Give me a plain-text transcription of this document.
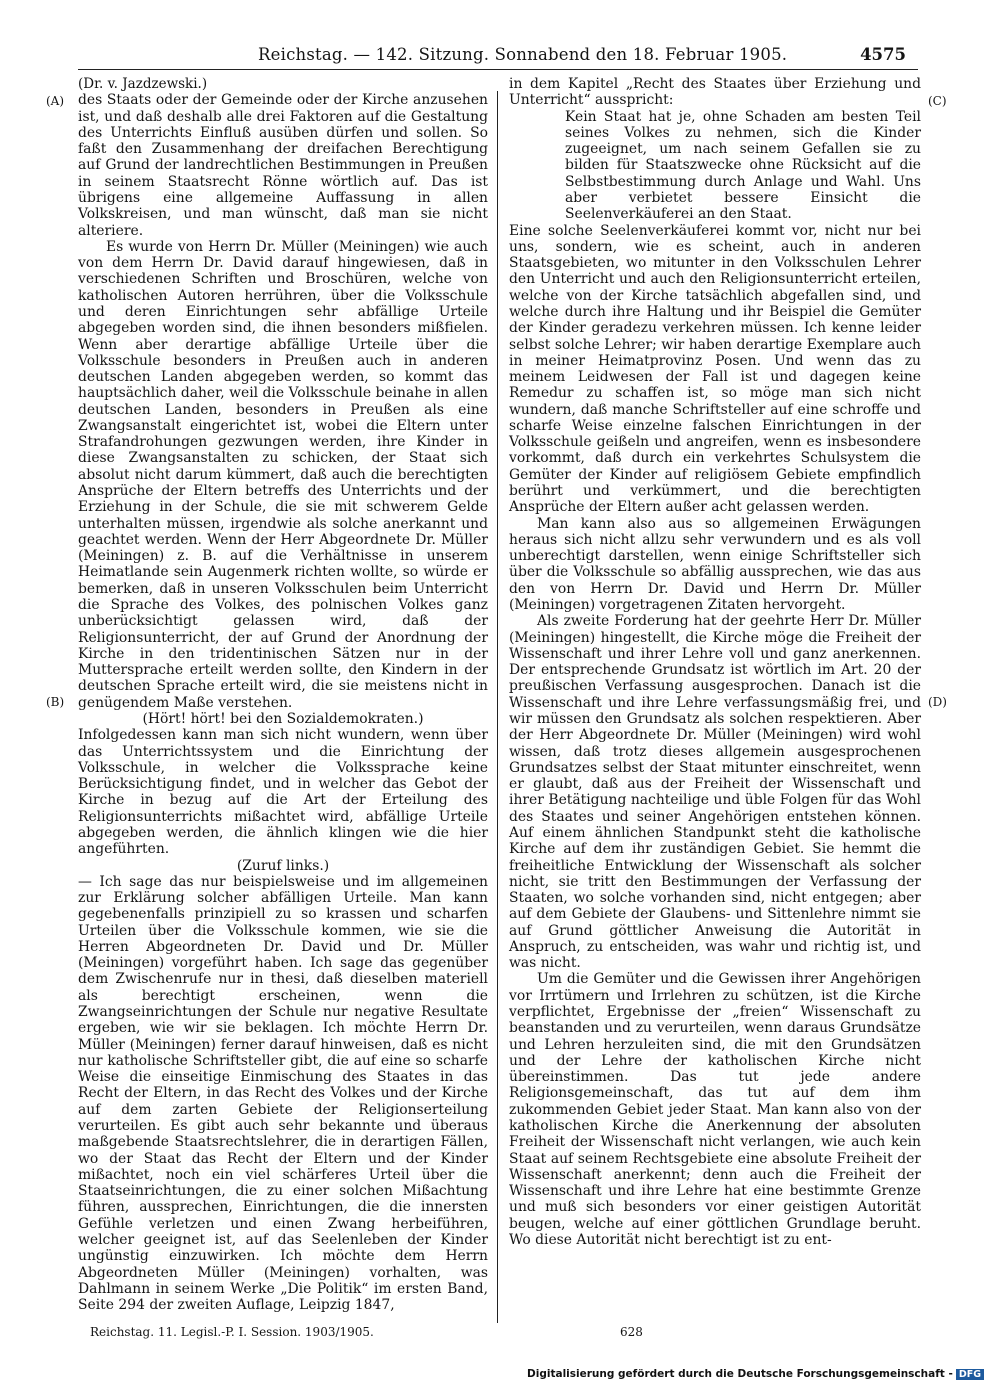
Reichstag. — 142. Sitzung. Sonnabend den 18. Februar 1905.	4575
(A)
(B)
(C)
(D)

(Dr. v. Jazdzewski.)

des Staats oder der Gemeinde oder der Kirche anzusehen ist, und daß deshalb alle drei Faktoren auf die Gestaltung des Unterrichts Einfluß ausüben dürfen und sollen. So faßt den Zusammenhang der dreifachen Berechtigung auf Grund der landrechtlichen Bestimmungen in Preußen in seinem Staatsrecht Rönne wörtlich auf. Das ist übrigens eine allgemeine Auffassung in allen Volkskreisen, und man wünscht, daß man sie nicht alteriere.

Es wurde von Herrn Dr. Müller (Meiningen) wie auch von dem Herrn Dr. David darauf hingewiesen, daß in verschiedenen Schriften und Broschüren, welche von katholischen Autoren herrühren, über die Volksschule und deren Einrichtungen sehr abfällige Urteile abgegeben worden sind, die ihnen besonders mißfielen. Wenn aber derartige abfällige Urteile über die Volksschule besonders in Preußen auch in anderen deutschen Landen abgegeben werden, so kommt das hauptsächlich daher, weil die Volksschule beinahe in allen deutschen Landen, besonders in Preußen als eine Zwangsanstalt eingerichtet ist, wobei die Eltern unter Strafandrohungen gezwungen werden, ihre Kinder in diese Zwangsanstalten zu schicken, der Staat sich absolut nicht darum kümmert, daß auch die berechtigten Ansprüche der Eltern betreffs des Unterrichts und der Erziehung in der Schule, die sie mit schwerem Gelde unterhalten müssen, irgendwie als solche anerkannt und geachtet werden. Wenn der Herr Abgeordnete Dr. Müller (Meiningen) z. B. auf die Verhältnisse in unserem Heimatlande sein Augenmerk richten wollte, so würde er bemerken, daß in unseren Volksschulen beim Unterricht die Sprache des Volkes, des polnischen Volkes ganz unberücksichtigt gelassen wird, daß der Religionsunterricht, der auf Grund der Anordnung der Kirche in den tridentinischen Sätzen nur in der Muttersprache erteilt werden sollte, den Kindern in der deutschen Sprache erteilt wird, die sie meistens nicht in genügendem Maße verstehen.

(Hört! hört! bei den Sozialdemokraten.)

Infolgedessen kann man sich nicht wundern, wenn über das Unterrichtssystem und die Einrichtung der Volksschule, in welcher die Volkssprache keine Berücksichtigung findet, und in welcher das Gebot der Kirche in bezug auf die Art der Erteilung des Religionsunterrichts mißachtet wird, abfällige Urteile abgegeben werden, die ähnlich klingen wie die hier angeführten.

(Zuruf links.)

— Ich sage das nur beispielsweise und im allgemeinen zur Erklärung solcher abfälligen Urteile. Man kann gegebenenfalls prinzipiell zu so krassen und scharfen Urteilen über die Volksschule kommen, wie sie die Herren Abgeordneten Dr. David und Dr. Müller (Meiningen) vorgeführt haben. Ich sage das gegenüber dem Zwischenrufe nur in thesi, daß dieselben materiell als berechtigt erscheinen, wenn die Zwangseinrichtungen der Schule nur negative Resultate ergeben, wie wir sie beklagen. Ich möchte Herrn Dr. Müller (Meiningen) ferner darauf hinweisen, daß es nicht nur katholische Schriftsteller gibt, die auf eine so scharfe Weise die einseitige Einmischung des Staates in das Recht der Eltern, in das Recht des Volkes und der Kirche auf dem zarten Gebiete der Religionserteilung verurteilen. Es gibt auch sehr bekannte und überaus maßgebende Staatsrechtslehrer, die in derartigen Fällen, wo der Staat das Recht der Eltern und der Kinder mißachtet, noch ein viel schärferes Urteil über die Staatseinrichtungen, die zu einer solchen Mißachtung führen, aussprechen, Einrichtungen, die die innersten Gefühle verletzen und einen Zwang herbeiführen, welcher geeignet ist, auf das Seelenleben der Kinder ungünstig einzuwirken. Ich möchte dem Herrn Abgeordneten Müller (Meiningen) vorhalten, was Dahlmann in seinem Werke „Die Politik“ im ersten Band, Seite 294 der zweiten Auflage, Leipzig 1847,

in dem Kapitel „Recht des Staates über Erziehung und Unterricht“ ausspricht:

Kein Staat hat je, ohne Schaden am besten Teil seines Volkes zu nehmen, sich die Kinder zugeeignet, um nach seinem Gefallen sie zu bilden für Staatszwecke ohne Rücksicht auf die Selbstbestimmung durch Anlage und Wahl. Uns aber verbietet bessere Einsicht die Seelenverkäuferei an den Staat.

Eine solche Seelenverkäuferei kommt vor, nicht nur bei uns, sondern, wie es scheint, auch in anderen Staatsgebieten, wo mitunter in den Volksschulen Lehrer den Unterricht und auch den Religionsunterricht erteilen, welche von der Kirche tatsächlich abgefallen sind, und welche durch ihre Haltung und ihr Beispiel die Gemüter der Kinder geradezu verkehren müssen. Ich kenne leider selbst solche Lehrer; wir haben derartige Exemplare auch in meiner Heimatprovinz Posen. Und wenn das zu meinem Leidwesen der Fall ist und dagegen keine Remedur zu schaffen ist, so möge man sich nicht wundern, daß manche Schriftsteller auf eine schroffe und scharfe Weise einzelne falschen Einrichtungen in der Volksschule geißeln und angreifen, wenn es insbesondere vorkommt, daß durch ein verkehrtes Schulsystem die Gemüter der Kinder auf religiösem Gebiete empfindlich berührt und verkümmert, und die berechtigten Ansprüche der Eltern außer acht gelassen werden.

Man kann also aus so allgemeinen Erwägungen heraus sich nicht allzu sehr verwundern und es als voll unberechtigt darstellen, wenn einige Schriftsteller sich über die Volksschule so abfällig aussprechen, wie das aus den von Herrn Dr. David und Herrn Dr. Müller (Meiningen) vorgetragenen Zitaten hervorgeht.

Als zweite Forderung hat der geehrte Herr Dr. Müller (Meiningen) hingestellt, die Kirche möge die Freiheit der Wissenschaft und ihrer Lehre voll und ganz anerkennen. Der entsprechende Grundsatz ist wörtlich im Art. 20 der preußischen Verfassung ausgesprochen. Danach ist die Wissenschaft und ihre Lehre verfassungsmäßig frei, und wir müssen den Grundsatz als solchen respektieren. Aber der Herr Abgeordnete Dr. Müller (Meiningen) wird wohl wissen, daß trotz dieses allgemein ausgesprochenen Grundsatzes selbst der Staat mitunter einschreitet, wenn er glaubt, daß aus der Freiheit der Wissenschaft und ihrer Betätigung nachteilige und üble Folgen für das Wohl des Staates und seiner Angehörigen entstehen können. Auf einem ähnlichen Standpunkt steht die katholische Kirche auf dem ihr zuständigen Gebiet. Sie hemmt die freiheitliche Entwicklung der Wissenschaft als solcher nicht, sie tritt den Bestimmungen der Verfassung der Staaten, wo solche vorhanden sind, nicht entgegen; aber auf dem Gebiete der Glaubens- und Sittenlehre nimmt sie auf Grund göttlicher Anweisung die Autorität in Anspruch, zu entscheiden, was wahr und richtig ist, und was nicht.

Um die Gemüter und die Gewissen ihrer Angehörigen vor Irrtümern und Irrlehren zu schützen, ist die Kirche verpflichtet, Ergebnisse der „freien“ Wissenschaft zu beanstanden und zu verurteilen, wenn daraus Grundsätze und Lehren herzuleiten sind, die mit den Grundsätzen und der Lehre der katholischen Kirche nicht übereinstimmen. Das tut jede andere Religionsgemeinschaft, das tut auf dem ihm zukommenden Gebiet jeder Staat. Man kann also von der katholischen Kirche die Anerkennung der absoluten Freiheit der Wissenschaft nicht verlangen, wie auch kein Staat auf seinem Rechtsgebiete eine absolute Freiheit der Wissenschaft anerkennt; denn auch die Freiheit der Wissenschaft und ihre Lehre hat eine bestimmte Grenze und muß sich besonders vor einer geistigen Autorität beugen, welche auf einer göttlichen Grundlage beruht. Wo diese Autorität nicht berechtigt ist zu ent-

Reichstag. 11. Legisl.-P. I. Session. 1903/1905.	628
Digitalisierung gefördert durch die Deutsche Forschungsgemeinschaft - DFG
